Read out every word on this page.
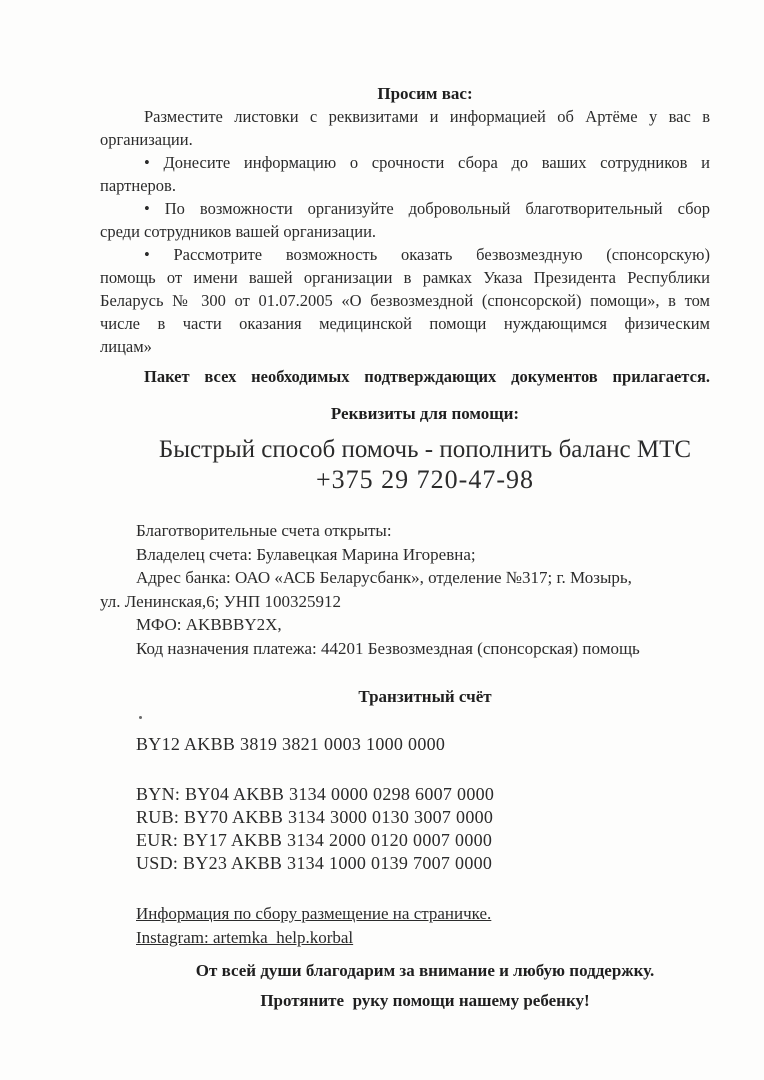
Просим вас:
Разместите листовки с реквизитами и информацией об Артёме у вас в
организации.
• Донесите информацию о срочности сбора до ваших сотрудников и
партнеров.
• По возможности организуйте добровольный благотворительный сбор
среди сотрудников вашей организации.
• Рассмотрите возможность оказать безвозмездную (спонсорскую)
помощь от имени вашей организации в рамках Указа Президента Республики
Беларусь № 300 от 01.07.2005 «О безвозмездной (спонсорской) помощи», в том
числе в части оказания медицинской помощи нуждающимся физическим
лицам»
Пакет всех необходимых подтверждающих документов прилагается.
Реквизиты для помощи:
Быстрый способ помочь - пополнить баланс МТС
+375 29 720-47-98
Благотворительные счета открыты:
Владелец счета: Булавецкая Марина Игоревна;
Адрес банка: ОАО «АСБ Беларусбанк», отделение №317; г. Мозырь,
ул. Ленинская,6; УНП 100325912
МФО: AKBBBY2X,
Код назначения платежа: 44201 Безвозмездная (спонсорская) помощь
Транзитный счёт
BY12 AKBB 3819 3821 0003 1000 0000
BYN: BY04 AKBB 3134 0000 0298 6007 0000
RUB: BY70 AKBB 3134 3000 0130 3007 0000
EUR: BY17 AKBB 3134 2000 0120 0007 0000
USD: BY23 AKBB 3134 1000 0139 7007 0000
Информация по сбору размещение на страничке.
Instagram: artemka_help.korbal
От всей души благодарим за внимание и любую поддержку.
Протяните  руку помощи нашему ребенку!
